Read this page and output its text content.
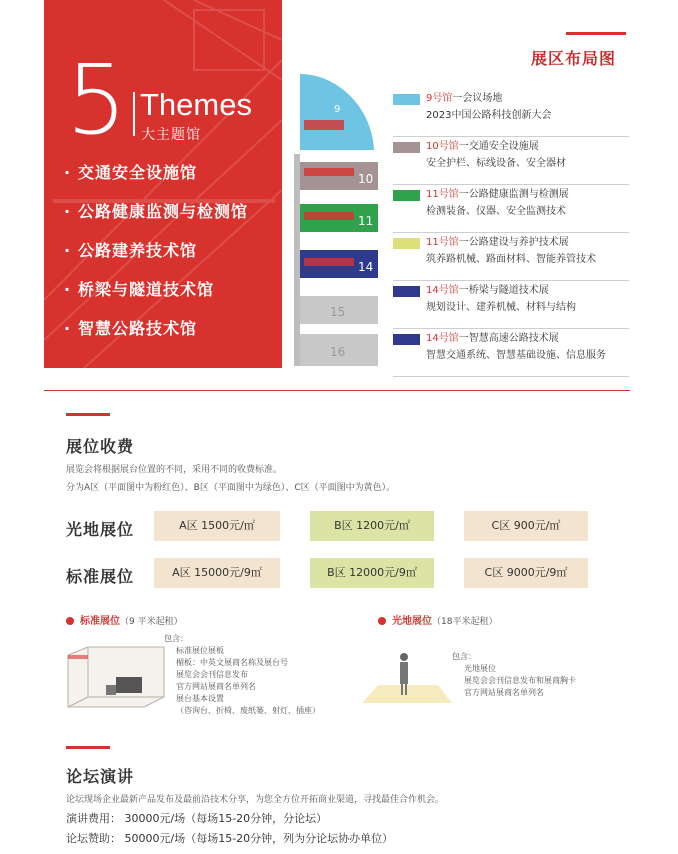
5 Themes
大主题馆
· 交通安全设施馆
· 公路健康监测与检测馆
· 公路建养技术馆
· 桥梁与隧道技术馆
· 智慧公路技术馆
9
10
11
14
15
16
展区布局图
9号馆一会议场地
2023中国公路科技创新大会
10号馆一交通安全设施展
安全护栏、标线设备、安全器材
11号馆一公路健康监测与检测展
检测装备、仪器、安全监测技术
11号馆一公路建设与养护技术展
筑养路机械、路面材料、智能养管技术
14号馆一桥梁与隧道技术展
规划设计、建养机械、材料与结构
14号馆一智慧高速公路技术展
智慧交通系统、智慧基础设施、信息服务
展位收费
展览会将根据展台位置的不同，采用不同的收费标准。
分为A区（平面图中为粉红色）、B区（平面图中为绿色）、C区（平面图中为黄色）。
光地展位	A区 1500元/㎡	B区 1200元/㎡	C区 900元/㎡
标准展位	A区 15000元/9㎡	B区 12000元/9㎡	C区 9000元/9㎡
标准展位（9 平米起租）
包含：
标准展位展板
楣板：中英文展商名称及展台号
展览会会刊信息发布
官方网站展商名单列名
展台基本设置
（咨询台、折椅、废纸篓、射灯、插座）
光地展位（18平米起租）
包含：
光地展位
展览会会刊信息发布和展商胸卡
官方网站展商名单列名
论坛演讲
论坛现场企业最新产品发布及最前沿技术分享，为您全方位开拓商业渠道，寻找最佳合作机会。
演讲费用： 30000元/场（每场15-20分钟，分论坛）
论坛赞助： 50000元/场（每场15-20分钟，列为分论坛协办单位）
